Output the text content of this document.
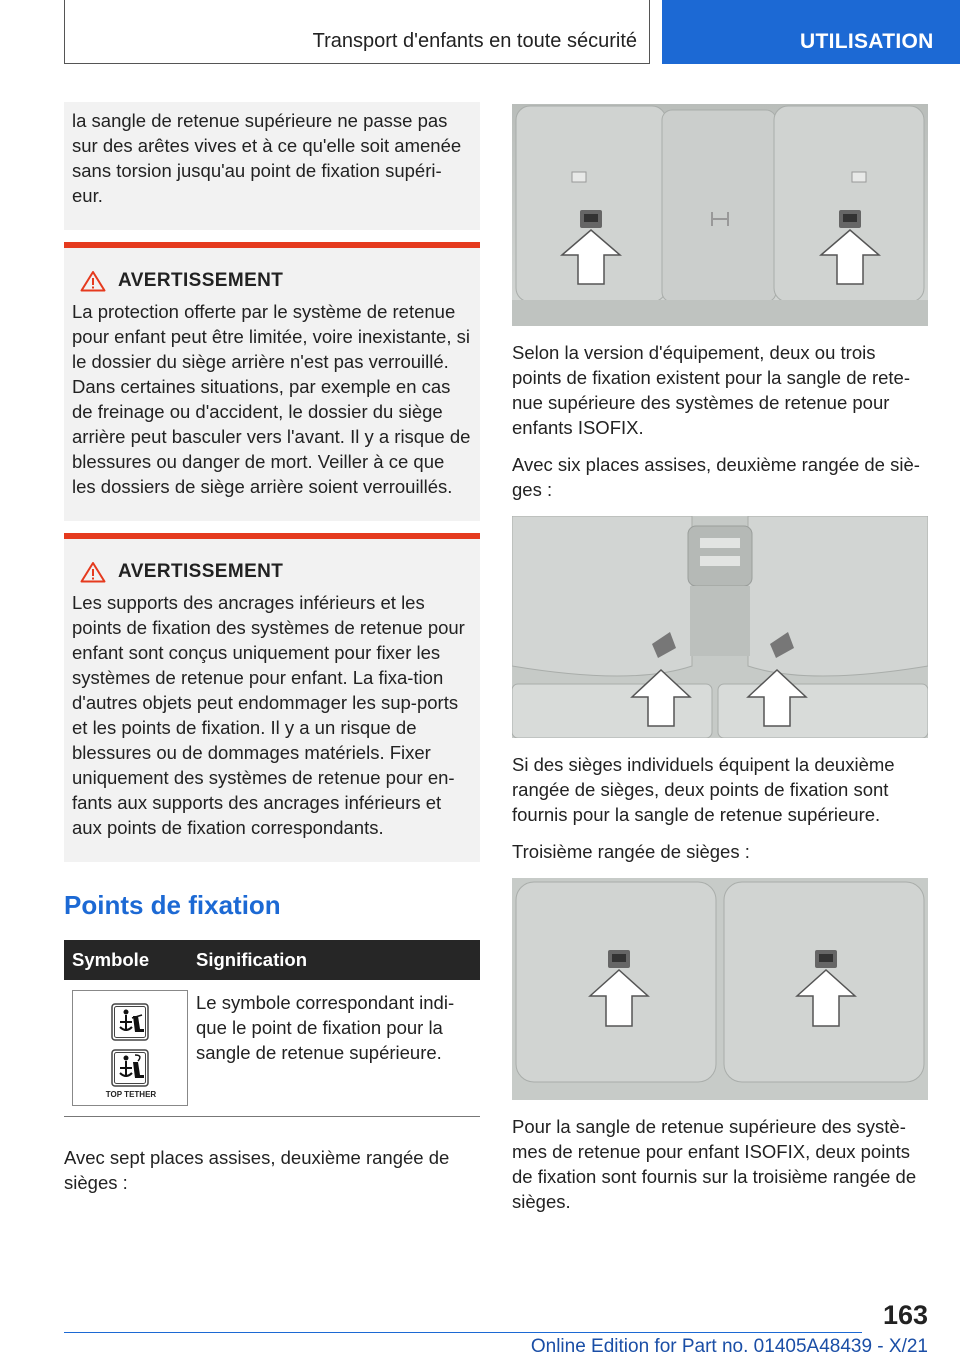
Transport d'enfants en toute sécurité	UTILISATION

la sangle de retenue supérieure ne passe pas sur des arêtes vives et à ce qu'elle soit amenée sans torsion jusqu'au point de fixation supéri-eur.

AVERTISSEMENT

La protection offerte par le système de retenue pour enfant peut être limitée, voire inexistante, si le dossier du siège arrière n'est pas verrouillé. Dans certaines situations, par exemple en cas de freinage ou d'accident, le dossier du siège arrière peut basculer vers l'avant. Il y a risque de blessures ou danger de mort. Veiller à ce que les dossiers de siège arrière soient verrouillés.

AVERTISSEMENT

Les supports des ancrages inférieurs et les points de fixation des systèmes de retenue pour enfant sont conçus uniquement pour fixer les systèmes de retenue pour enfant. La fixa-tion d'autres objets peut endommager les sup-ports et les points de fixation. Il y a un risque de blessures ou de dommages matériels. Fixer uniquement des systèmes de retenue pour en-fants aux supports des ancrages inférieurs et aux points de fixation correspondants.

Points de fixation
Symbole	Signification

TOP TETHER	Le symbole correspondant indi-que le point de fixation pour la sangle de retenue supérieure.

Avec sept places assises, deuxième rangée de sièges :

Selon la version d'équipement, deux ou trois points de fixation existent pour la sangle de rete-nue supérieure des systèmes de retenue pour enfants ISOFIX.

Avec six places assises, deuxième rangée de siè-ges :

Si des sièges individuels équipent la deuxième rangée de sièges, deux points de fixation sont fournis pour la sangle de retenue supérieure.

Troisième rangée de sièges :

Pour la sangle de retenue supérieure des systè-mes de retenue pour enfant ISOFIX, deux points de fixation sont fournis sur la troisième rangée de sièges.

163
Online Edition for Part no. 01405A48439 - X/21
